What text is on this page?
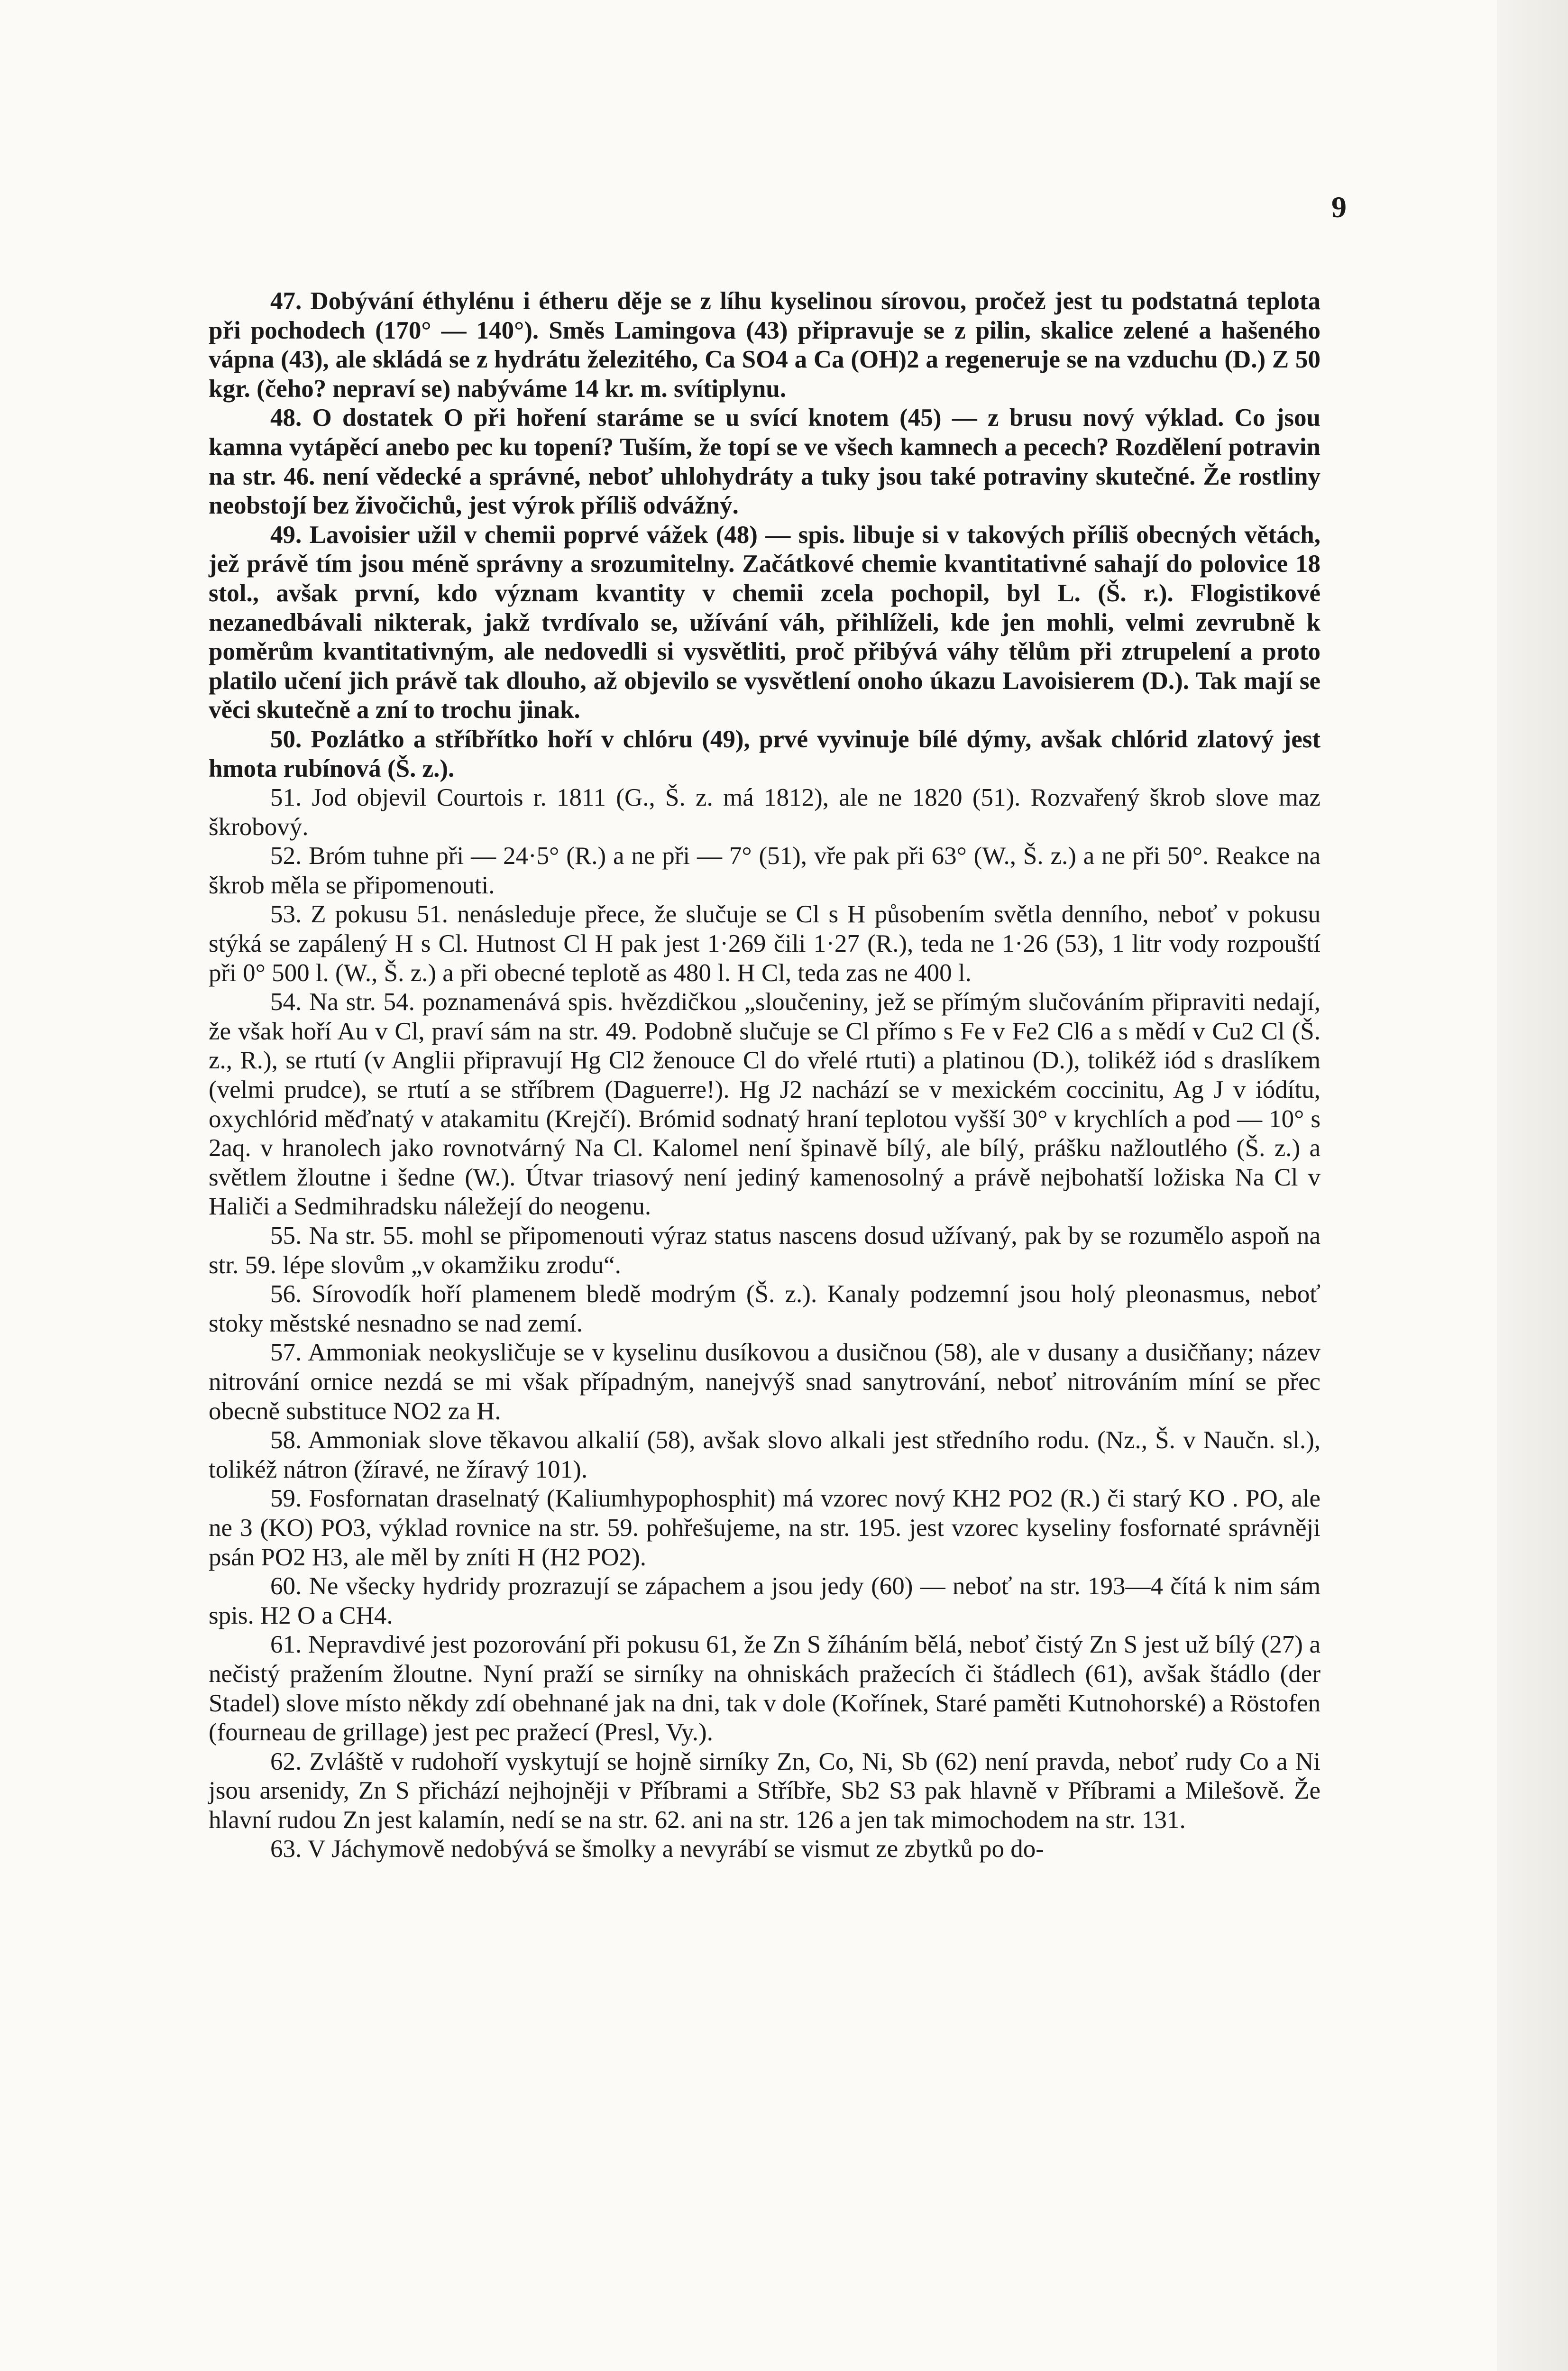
9

47. Dobývání éthylénu i étheru děje se z líhu kyselinou sírovou, pročež jest tu podstatná teplota při pochodech (170° — 140°). Směs Lamingova (43) připravuje se z pilin, skalice zelené a hašeného vápna (43), ale skládá se z hydrátu železitého, Ca SO4 a Ca (OH)2 a regeneruje se na vzduchu (D.) Z 50 kgr. (čeho? nepraví se) nabýváme 14 kr. m. svítiplynu.

48. O dostatek O při hoření staráme se u svící knotem (45) — z brusu nový výklad. Co jsou kamna vytápěcí anebo pec ku topení? Tuším, že topí se ve všech kamnech a pecech? Rozdělení potravin na str. 46. není vědecké a správné, neboť uhlohydráty a tuky jsou také potraviny skutečné. Že rostliny neobstojí bez živočichů, jest výrok příliš odvážný.

49. Lavoisier užil v chemii poprvé vážek (48) — spis. libuje si v takových příliš obecných větách, jež právě tím jsou méně správny a srozumitelny. Začátkové chemie kvantitativné sahají do polovice 18 stol., avšak první, kdo význam kvantity v chemii zcela pochopil, byl L. (Š. r.). Flogistikové nezanedbávali nikterak, jakž tvrdívalo se, užívání váh, přihlíželi, kde jen mohli, velmi zevrubně k poměrům kvantitativným, ale nedovedli si vysvětliti, proč přibývá váhy tělům při ztrupelení a proto platilo učení jich právě tak dlouho, až objevilo se vysvětlení onoho úkazu Lavoisierem (D.). Tak mají se věci skutečně a zní to trochu jinak.

50. Pozlátko a stříbřítko hoří v chlóru (49), prvé vyvinuje bílé dýmy, avšak chlórid zlatový jest hmota rubínová (Š. z.).

51. Jod objevil Courtois r. 1811 (G., Š. z. má 1812), ale ne 1820 (51). Rozvařený škrob slove maz škrobový.

52. Bróm tuhne při — 24·5° (R.) a ne při — 7° (51), vře pak při 63° (W., Š. z.) a ne při 50°. Reakce na škrob měla se připomenouti.

53. Z pokusu 51. nenásleduje přece, že slučuje se Cl s H působením světla denního, neboť v pokusu stýká se zapálený H s Cl. Hutnost Cl H pak jest 1·269 čili 1·27 (R.), teda ne 1·26 (53), 1 litr vody rozpouští při 0° 500 l. (W., Š. z.) a při obecné teplotě as 480 l. H Cl, teda zas ne 400 l.

54. Na str. 54. poznamenává spis. hvězdičkou „sloučeniny, jež se přímým slučováním připraviti nedají, že však hoří Au v Cl, praví sám na str. 49. Podobně slučuje se Cl přímo s Fe v Fe2 Cl6 a s mědí v Cu2 Cl (Š. z., R.), se rtutí (v Anglii připravují Hg Cl2 ženouce Cl do vřelé rtuti) a platinou (D.), tolikéž iód s draslíkem (velmi prudce), se rtutí a se stříbrem (Daguerre!). Hg J2 nachází se v mexickém coccinitu, Ag J v iódítu, oxychlórid měďnatý v atakamitu (Krejčí). Brómid sodnatý hraní teplotou vyšší 30° v krychlích a pod — 10° s 2aq. v hranolech jako rovnotvárný Na Cl. Kalomel není špinavě bílý, ale bílý, prášku nažloutlého (Š. z.) a světlem žloutne i šedne (W.). Útvar triasový není jediný kamenosolný a právě nejbohatší ložiska Na Cl v Haliči a Sedmihradsku náležejí do neogenu.

55. Na str. 55. mohl se připomenouti výraz status nascens dosud užívaný, pak by se rozumělo aspoň na str. 59. lépe slovům „v okamžiku zrodu“.

56. Sírovodík hoří plamenem bledě modrým (Š. z.). Kanaly podzemní jsou holý pleonasmus, neboť stoky městské nesnadno se nad zemí.

57. Ammoniak neokysličuje se v kyselinu dusíkovou a dusičnou (58), ale v dusany a dusičňany; název nitrování ornice nezdá se mi však případným, nanejvýš snad sanytrování, neboť nitrováním míní se přec obecně substituce NO2 za H.

58. Ammoniak slove těkavou alkalií (58), avšak slovo alkali jest středního rodu. (Nz., Š. v Naučn. sl.), tolikéž nátron (žíravé, ne žíravý 101).

59. Fosfornatan draselnatý (Kaliumhypophosphit) má vzorec nový KH2 PO2 (R.) či starý KO . PO, ale ne 3 (KO) PO3, výklad rovnice na str. 59. pohřešujeme, na str. 195. jest vzorec kyseliny fosfornaté správněji psán PO2 H3, ale měl by zníti H (H2 PO2).

60. Ne všecky hydridy prozrazují se zápachem a jsou jedy (60) — neboť na str. 193—4 čítá k nim sám spis. H2 O a CH4.

61. Nepravdivé jest pozorování při pokusu 61, že Zn S žíháním bělá, neboť čistý Zn S jest už bílý (27) a nečistý pražením žloutne. Nyní praží se sirníky na ohniskách pražecích či štádlech (61), avšak štádlo (der Stadel) slove místo někdy zdí obehnané jak na dni, tak v dole (Kořínek, Staré paměti Kutnohorské) a Röstofen (fourneau de grillage) jest pec pražecí (Presl, Vy.).

62. Zvláště v rudohoří vyskytují se hojně sirníky Zn, Co, Ni, Sb (62) není pravda, neboť rudy Co a Ni jsou arsenidy, Zn S přichází nejhojněji v Příbrami a Stříbře, Sb2 S3 pak hlavně v Příbrami a Milešově. Že hlavní rudou Zn jest kalamín, nedí se na str. 62. ani na str. 126 a jen tak mimochodem na str. 131.

63. V Jáchymově nedobývá se šmolky a nevyrábí se vismut ze zbytků po do-
